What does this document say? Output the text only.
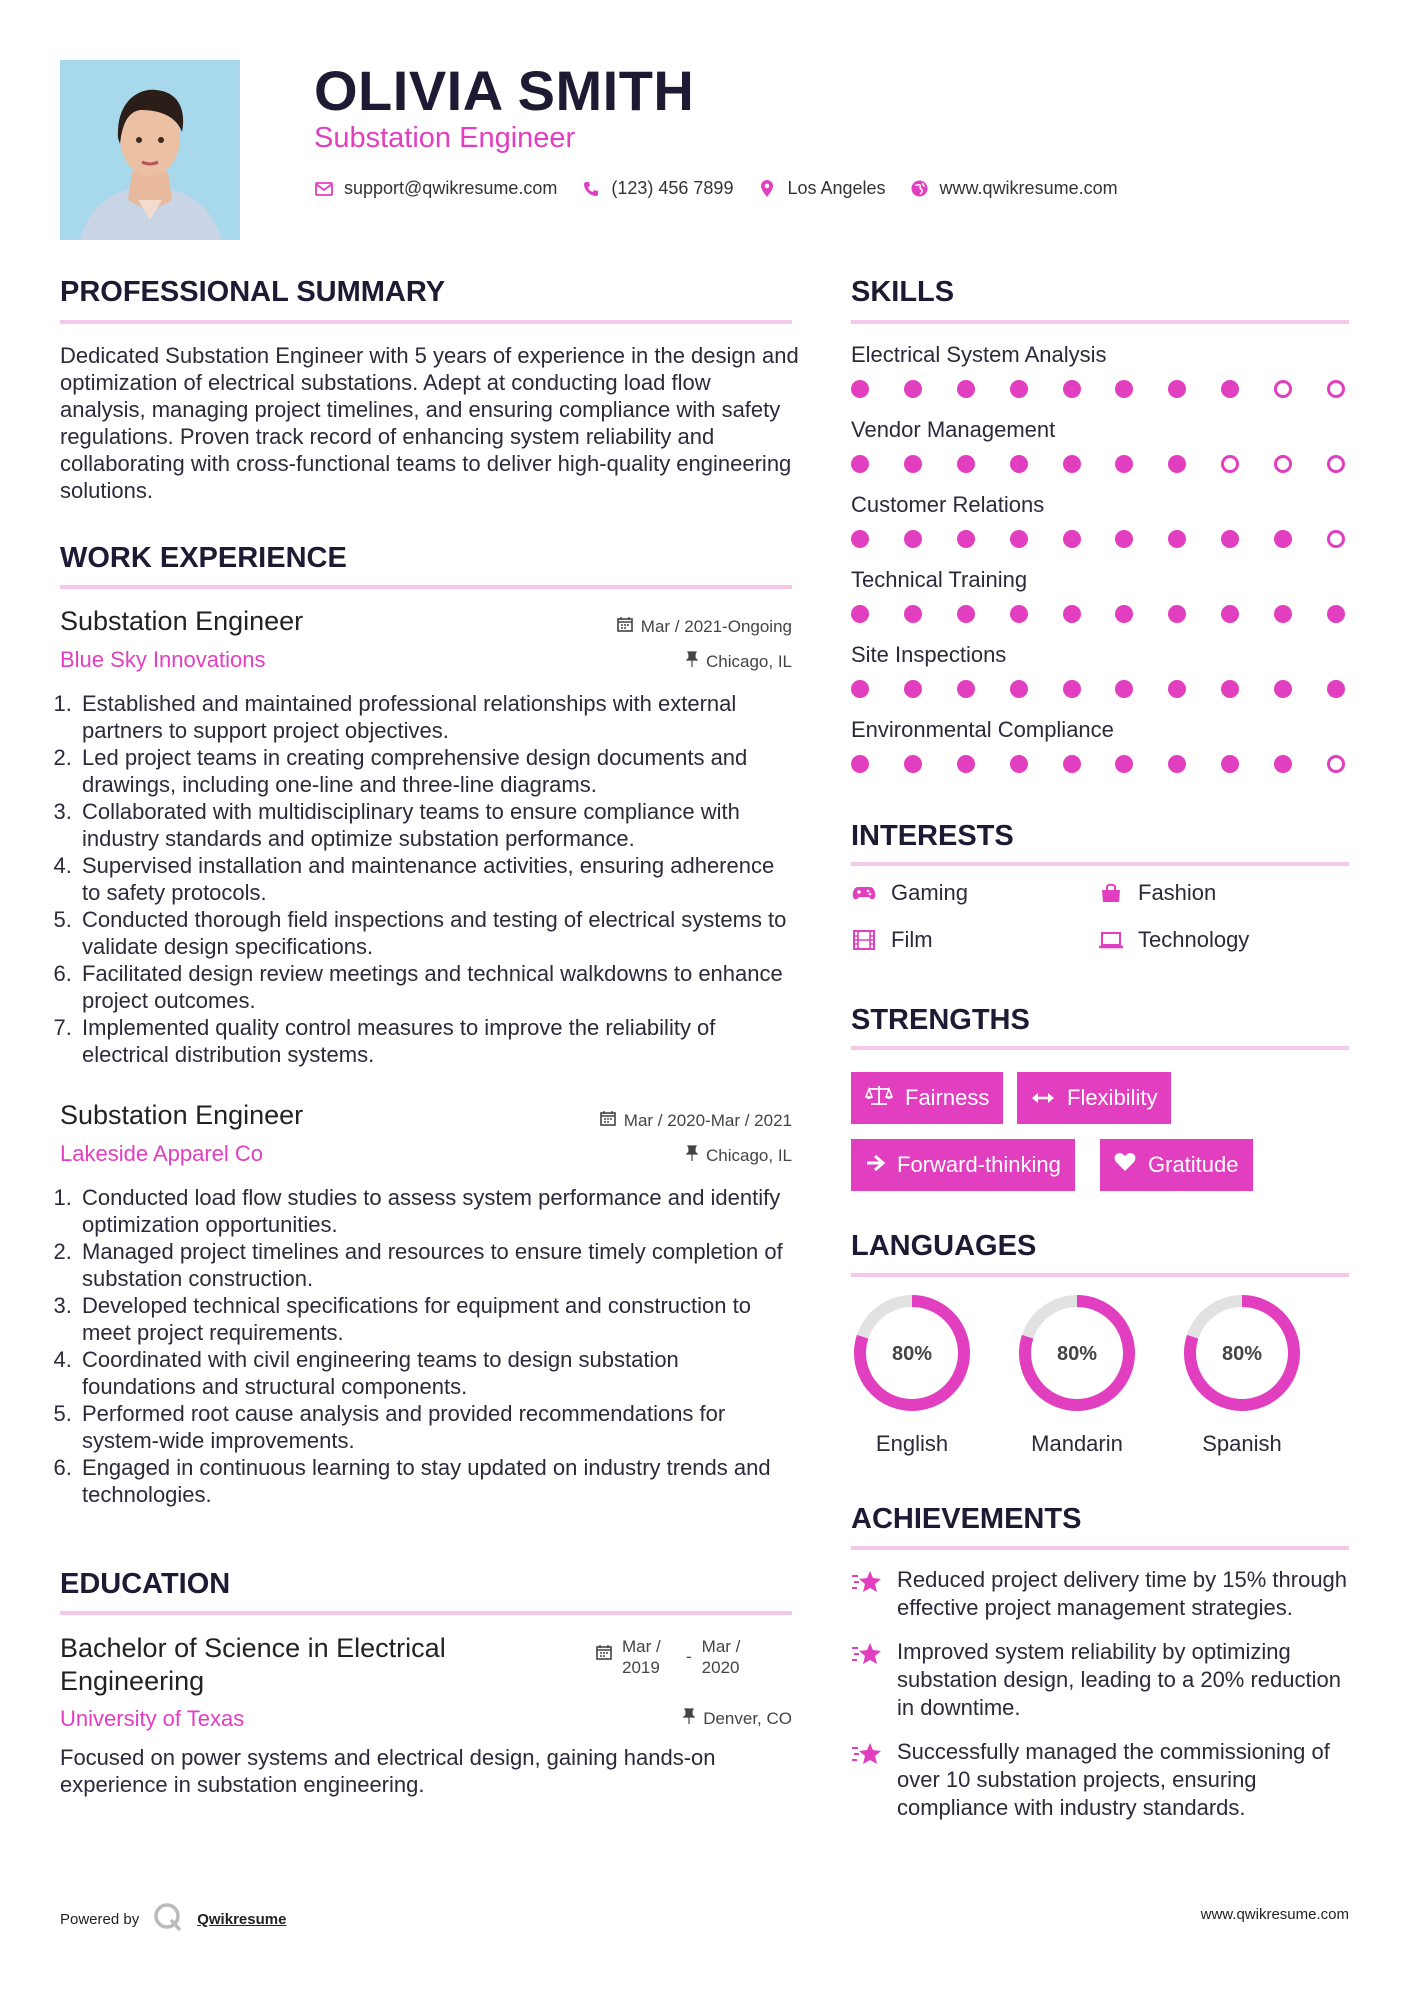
OLIVIA SMITH
Substation Engineer
support@qwikresume.com	(123) 456 7899	Los Angeles	www.qwikresume.com
PROFESSIONAL SUMMARY
Dedicated Substation Engineer with 5 years of experience in the design and optimization of electrical substations. Adept at conducting load flow analysis, managing project timelines, and ensuring compliance with safety regulations. Proven track record of enhancing system reliability and collaborating with cross-functional teams to deliver high-quality engineering solutions.
WORK EXPERIENCE
Substation Engineer
Blue Sky Innovations
Mar / 2021-Ongoing
Chicago, IL
1. Established and maintained professional relationships with external partners to support project objectives.
2. Led project teams in creating comprehensive design documents and drawings, including one-line and three-line diagrams.
3. Collaborated with multidisciplinary teams to ensure compliance with industry standards and optimize substation performance.
4. Supervised installation and maintenance activities, ensuring adherence to safety protocols.
5. Conducted thorough field inspections and testing of electrical systems to validate design specifications.
6. Facilitated design review meetings and technical walkdowns to enhance project outcomes.
7. Implemented quality control measures to improve the reliability of electrical distribution systems.
Substation Engineer
Lakeside Apparel Co
Mar / 2020-Mar / 2021
Chicago, IL
1. Conducted load flow studies to assess system performance and identify optimization opportunities.
2. Managed project timelines and resources to ensure timely completion of substation construction.
3. Developed technical specifications for equipment and construction to meet project requirements.
4. Coordinated with civil engineering teams to design substation foundations and structural components.
5. Performed root cause analysis and provided recommendations for system-wide improvements.
6. Engaged in continuous learning to stay updated on industry trends and technologies.
EDUCATION
Bachelor of Science in Electrical Engineering
University of Texas
Mar / 2019
-
Mar / 2020
Denver, CO
Focused on power systems and electrical design, gaining hands-on experience in substation engineering.
SKILLS
Electrical System Analysis
Vendor Management
Customer Relations
Technical Training
Site Inspections
Environmental Compliance
INTERESTS
Gaming	Fashion
Film	Technology
STRENGTHS
Fairness	Flexibility
Forward-thinking	Gratitude
LANGUAGES
80%
English
80%
Mandarin
80%
Spanish
ACHIEVEMENTS
Reduced project delivery time by 15% through effective project management strategies.
Improved system reliability by optimizing substation design, leading to a 20% reduction in downtime.
Successfully managed the commissioning of over 10 substation projects, ensuring compliance with industry standards.
Powered by	Qwikresume	www.qwikresume.com
